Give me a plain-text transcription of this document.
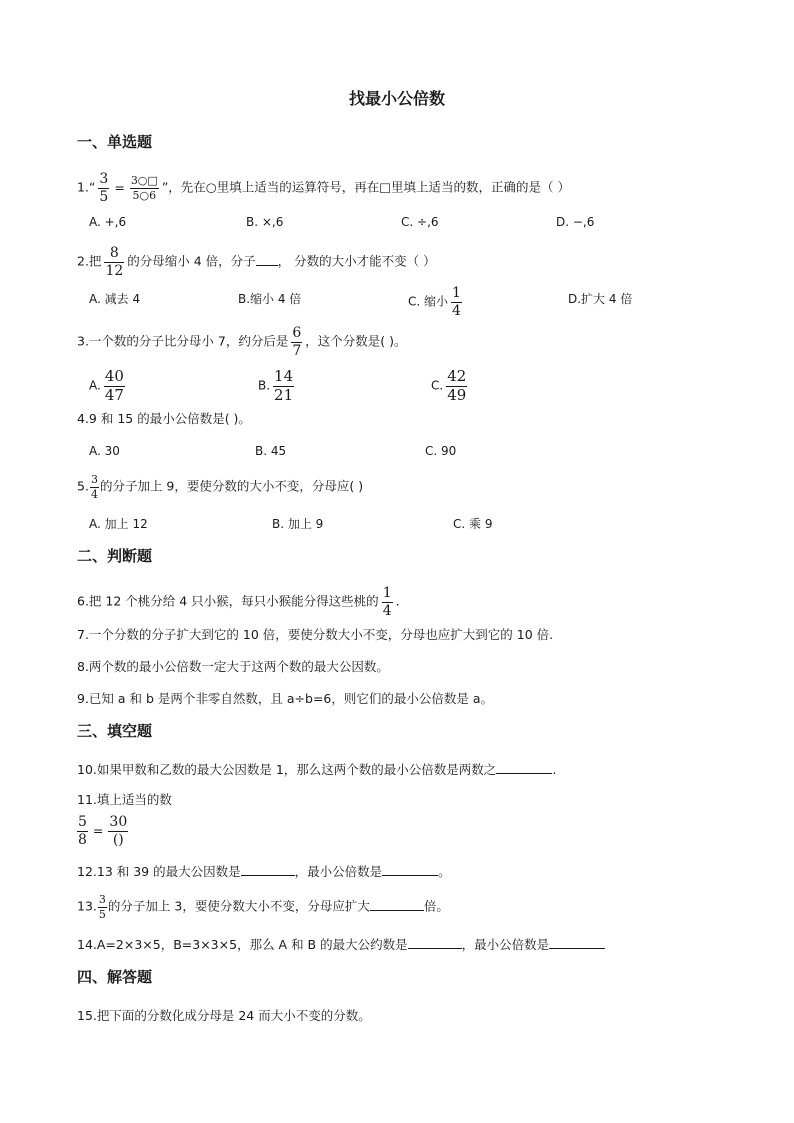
找最小公倍数
一、单选题
1.“ $\frac{3}{5} = \frac{3○□}{5○6}$ ”，先在○里填上适当的运算符号，再在□里填上适当的数，正确的是（ ）
A. +,6	B. ×,6	C. ÷,6	D. −,6
2.把 $\frac{8}{12}$ 的分母缩小 4 倍，分子 ， 分数的大小才能不变（ ）
A. 减去 4	B.缩小 4 倍	C. 缩小 $\frac{1}{4}$	D.扩大 4 倍
3.一个数的分子比分母小 7，约分后是 $\frac{6}{7}$ ，这个分数是( )。
A. $\frac{40}{47}$	B. $\frac{14}{21}$	C. $\frac{42}{49}$
4.9 和 15 的最小公倍数是( )。
A. 30	B. 45	C. 90
5. $\frac{3}{4}$ 的分子加上 9，要使分数的大小不变，分母应( )
A. 加上 12	B. 加上 9	C. 乘 9
二、判断题
6.把 12 个桃分给 4 只小猴，每只小猴能分得这些桃的 $\frac{1}{4}$ .
7.一个分数的分子扩大到它的 10 倍，要使分数大小不变，分母也应扩大到它的 10 倍.
8.两个数的最小公倍数一定大于这两个数的最大公因数。
9.已知 a 和 b 是两个非零自然数，且 a÷b=6，则它们的最小公倍数是 a。
三、填空题
10.如果甲数和乙数的最大公因数是 1，那么这两个数的最小公倍数是两数之	.
11.填上适当的数
$\frac{5}{8} = \frac{30}{()}$
12.13 和 39 的最大公因数是	，最小公倍数是	。
13. $\frac{3}{5}$ 的分子加上 3，要使分数大小不变，分母应扩大	倍。
14.A=2×3×5，B=3×3×5，那么 A 和 B 的最大公约数是	，最小公倍数是
四、解答题
15.把下面的分数化成分母是 24 而大小不变的分数。
